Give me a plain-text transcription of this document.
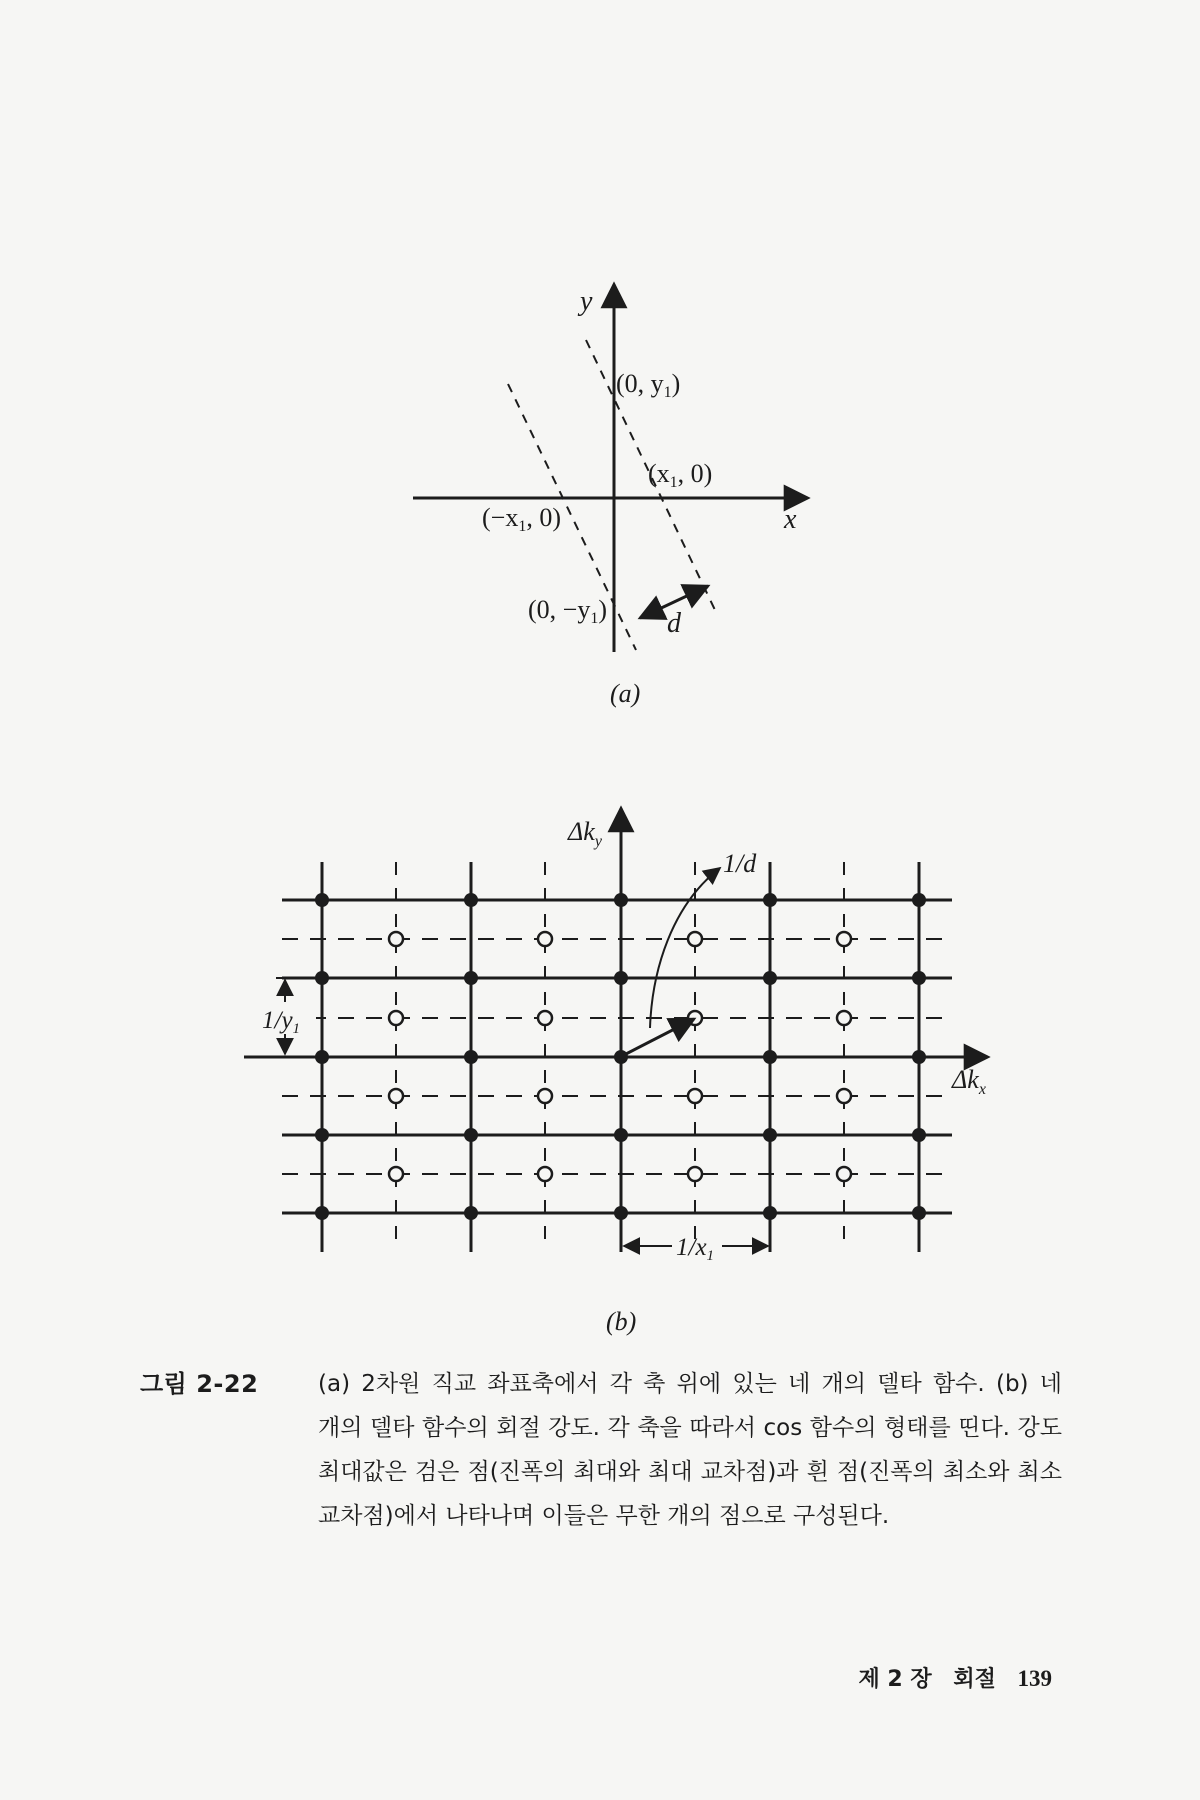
y
x
(0, y1)
(x1, 0)
(−x1, 0)
(0, −y1) d
(a)
$\Delta k_y$
$\Delta k_x$
1/d
$1/y_1$
$1/x_1$
(b)
그림 2-22	(a) 2차원 직교 좌표축에서 각 축 위에 있는 네 개의 델타 함수. (b) 네 개의 델타 함수의 회절 강도. 각 축을 따라서 cos 함수의 형태를 띤다. 강도 최대값은 검은 점(진폭의 최대와 최대 교차점)과 흰 점(진폭의 최소와 최소 교차점)에서 나타나며 이들은 무한 개의 점으로 구성된다.
제 2 장 회절 139
